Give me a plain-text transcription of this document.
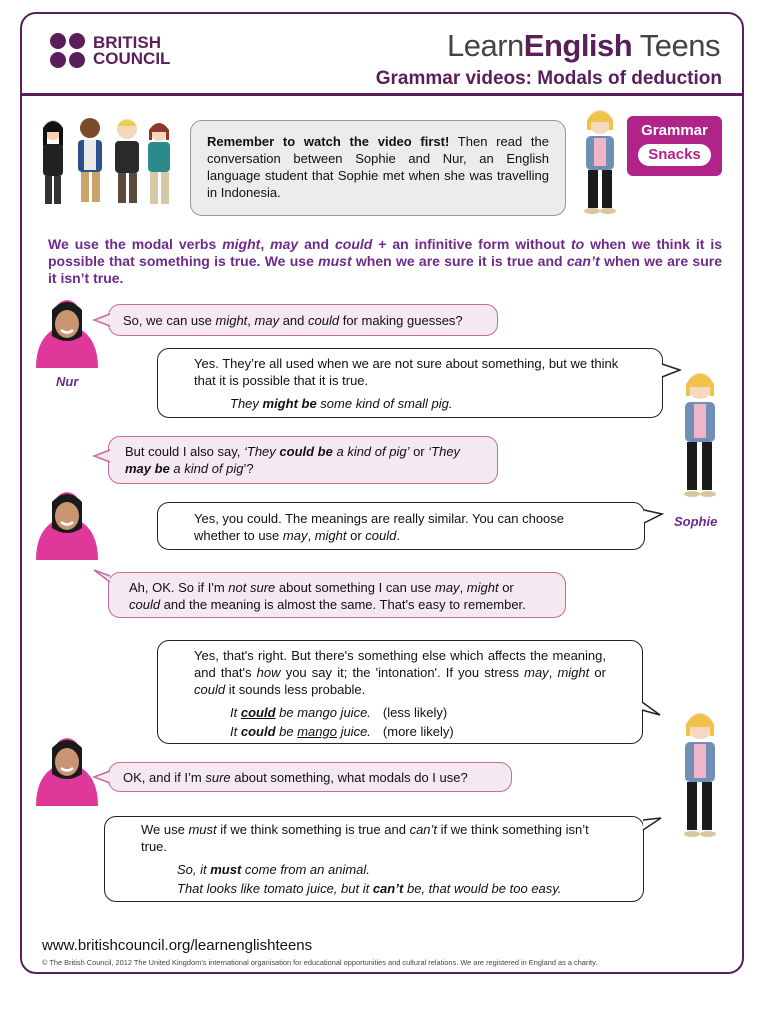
BRITISH
COUNCIL	LearnEnglish Teens
Grammar videos: Modals of deduction
Remember to watch the video first! Then read the conversation between Sophie and Nur, an English language student that Sophie met when she was travelling in Indonesia.
Grammar
Snacks
We use the modal verbs might, may and could + an infinitive form without to when we think it is possible that something is true. We use must when we are sure it is true and can’t when we are sure it isn’t true.
Nur
Sophie
So, we can use might, may and could for making guesses?
Yes. They’re all used when we are not sure about something, but we think that it is possible that it is true.
They might be some kind of small pig.
But could I also say, ‘They could be a kind of pig’ or ‘They may be a kind of pig’?
Yes, you could. The meanings are really similar. You can choose whether to use may, might or could.
Ah, OK. So if I'm not sure about something I can use may, might or could and the meaning is almost the same. That's easy to remember.
Yes, that's right. But there's something else which affects the meaning, and that's how you say it; the 'intonation'. If you stress may, might or could it sounds less probable.
It could be mango juice. (less likely)
It could be mango juice. (more likely)
OK, and if I’m sure about something, what modals do I use?
We use must if we think something is true and can’t if we think something isn’t true.
So, it must come from an animal.
That looks like tomato juice, but it can’t be, that would be too easy.
www.britishcouncil.org/learnenglishteens
© The British Council, 2012 The United Kingdom’s international organisation for educational opportunities and cultural relations. We are registered in England as a charity.
